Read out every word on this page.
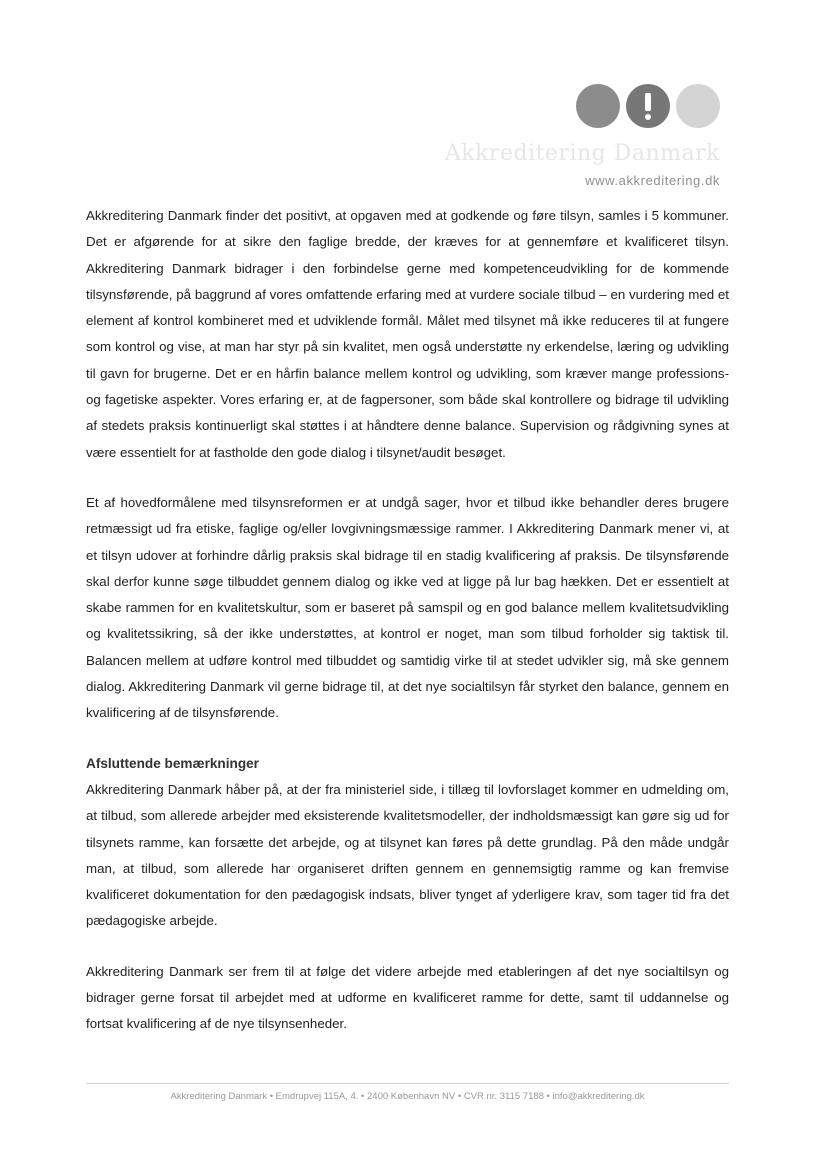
Akkreditering Danmark
www.akkreditering.dk

Akkreditering Danmark finder det positivt, at opgaven med at godkende og føre tilsyn, samles i 5 kommuner. Det er afgørende for at sikre den faglige bredde, der kræves for at gennemføre et kvalificeret tilsyn. Akkreditering Danmark bidrager i den forbindelse gerne med kompetenceudvikling for de kommende tilsynsførende, på baggrund af vores omfattende erfaring med at vurdere sociale tilbud – en vurdering med et element af kontrol kombineret med et udviklende formål. Målet med tilsynet må ikke reduceres til at fungere som kontrol og vise, at man har styr på sin kvalitet, men også understøtte ny erkendelse, læring og udvikling til gavn for brugerne. Det er en hårfin balance mellem kontrol og udvikling, som kræver mange professions- og fagetiske aspekter. Vores erfaring er, at de fagpersoner, som både skal kontrollere og bidrage til udvikling af stedets praksis kontinuerligt skal støttes i at håndtere denne balance. Supervision og rådgivning synes at være essentielt for at fastholde den gode dialog i tilsynet/audit besøget.

Et af hovedformålene med tilsynsreformen er at undgå sager, hvor et tilbud ikke behandler deres brugere retmæssigt ud fra etiske, faglige og/eller lovgivningsmæssige rammer. I Akkreditering Danmark mener vi, at et tilsyn udover at forhindre dårlig praksis skal bidrage til en stadig kvalificering af praksis. De tilsynsførende skal derfor kunne søge tilbuddet gennem dialog og ikke ved at ligge på lur bag hækken. Det er essentielt at skabe rammen for en kvalitetskultur, som er baseret på samspil og en god balance mellem kvalitetsudvikling og kvalitetssikring, så der ikke understøttes, at kontrol er noget, man som tilbud forholder sig taktisk til. Balancen mellem at udføre kontrol med tilbuddet og samtidig virke til at stedet udvikler sig, må ske gennem dialog. Akkreditering Danmark vil gerne bidrage til, at det nye socialtilsyn får styrket den balance, gennem en kvalificering af de tilsynsførende.

Afsluttende bemærkninger

Akkreditering Danmark håber på, at der fra ministeriel side, i tillæg til lovforslaget kommer en udmelding om, at tilbud, som allerede arbejder med eksisterende kvalitetsmodeller, der indholdsmæssigt kan gøre sig ud for tilsynets ramme, kan forsætte det arbejde, og at tilsynet kan føres på dette grundlag. På den måde undgår man, at tilbud, som allerede har organiseret driften gennem en gennemsigtig ramme og kan fremvise kvalificeret dokumentation for den pædagogisk indsats, bliver tynget af yderligere krav, som tager tid fra det pædagogiske arbejde.

Akkreditering Danmark ser frem til at følge det videre arbejde med etableringen af det nye socialtilsyn og bidrager gerne forsat til arbejdet med at udforme en kvalificeret ramme for dette, samt til uddannelse og fortsat kvalificering af de nye tilsynsenheder.

Akkreditering Danmark • Emdrupvej 115A, 4. • 2400 København NV • CVR nr. 3115 7188 • info@akkreditering.dk
